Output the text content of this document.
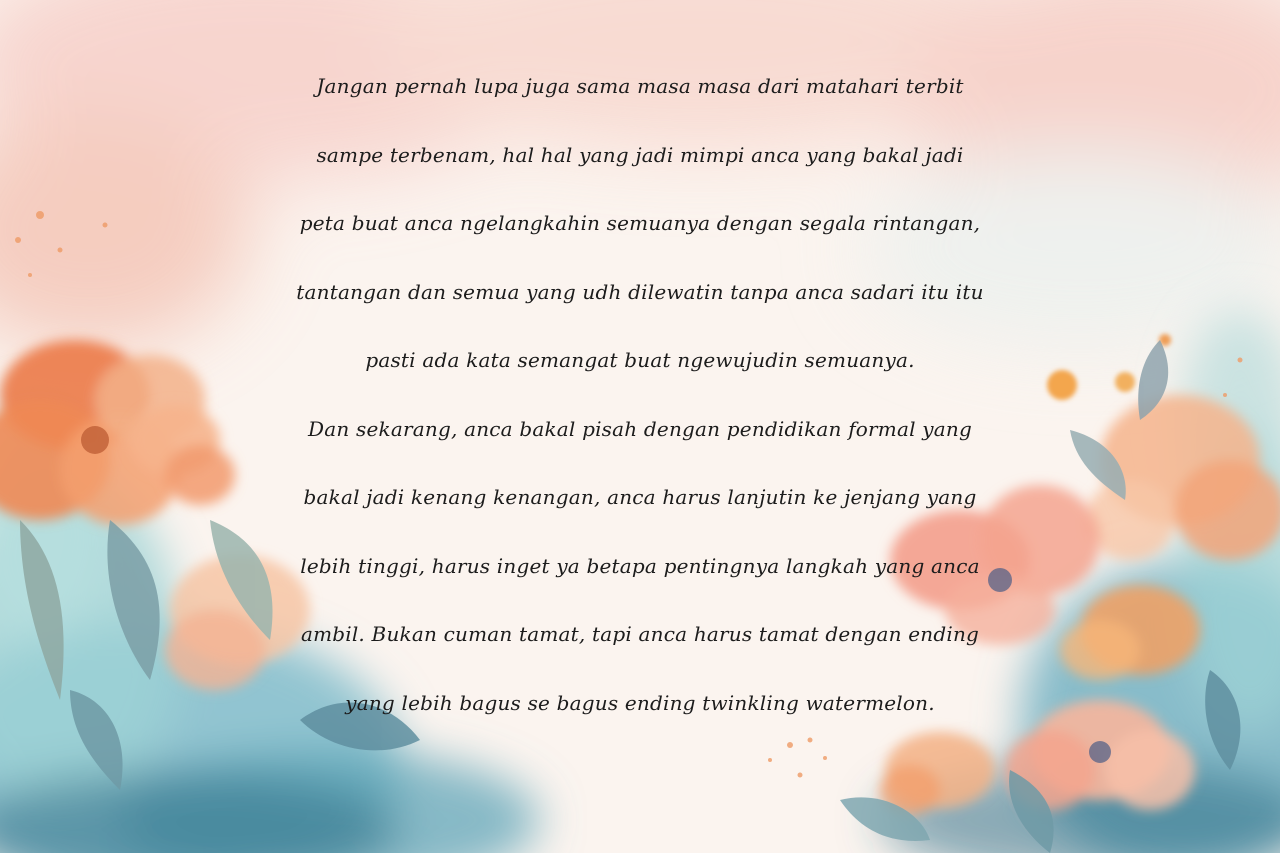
Jangan pernah lupa juga sama masa masa dari matahari terbit
sampe terbenam, hal hal yang jadi mimpi anca yang bakal jadi
peta buat anca ngelangkahin semuanya dengan segala rintangan,
tantangan dan semua yang udh dilewatin tanpa anca sadari itu itu
pasti ada kata semangat buat ngewujudin semuanya.
Dan sekarang, anca bakal pisah dengan pendidikan formal yang
bakal jadi kenang kenangan, anca harus lanjutin ke jenjang yang
lebih tinggi, harus inget ya betapa pentingnya langkah yang anca
ambil. Bukan cuman tamat, tapi anca harus tamat dengan ending
yang lebih bagus se bagus ending twinkling watermelon.
